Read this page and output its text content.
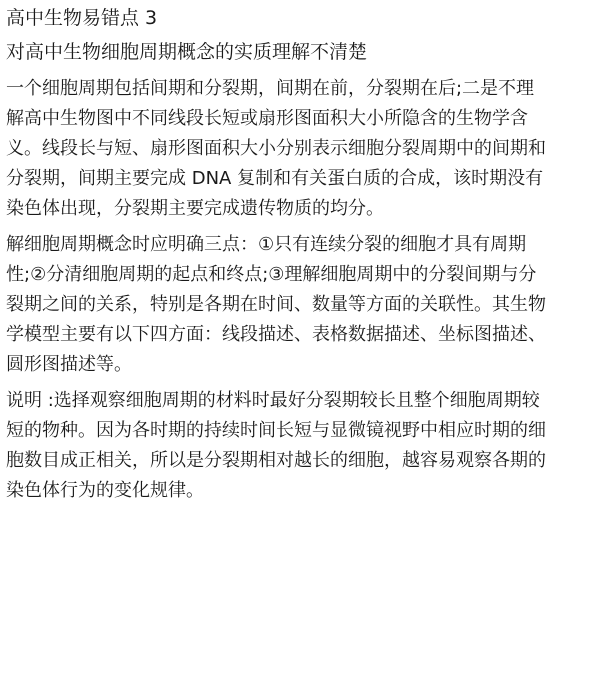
高中生物易错点 3
对高中生物细胞周期概念的实质理解不清楚
一个细胞周期包括间期和分裂期，间期在前，分裂期在后;二是不理
解高中生物图中不同线段长短或扇形图面积大小所隐含的生物学含
义。线段长与短、扇形图面积大小分别表示细胞分裂周期中的间期和
分裂期，间期主要完成 DNA 复制和有关蛋白质的合成，该时期没有
染色体出现，分裂期主要完成遗传物质的均分。
解细胞周期概念时应明确三点：①只有连续分裂的细胞才具有周期
性;②分清细胞周期的起点和终点;③理解细胞周期中的分裂间期与分
裂期之间的关系，特别是各期在时间、数量等方面的关联性。其生物
学模型主要有以下四方面：线段描述、表格数据描述、坐标图描述、
圆形图描述等。
说明 :选择观察细胞周期的材料时最好分裂期较长且整个细胞周期较
短的物种。因为各时期的持续时间长短与显微镜视野中相应时期的细
胞数目成正相关，所以是分裂期相对越长的细胞，越容易观察各期的
染色体行为的变化规律。
